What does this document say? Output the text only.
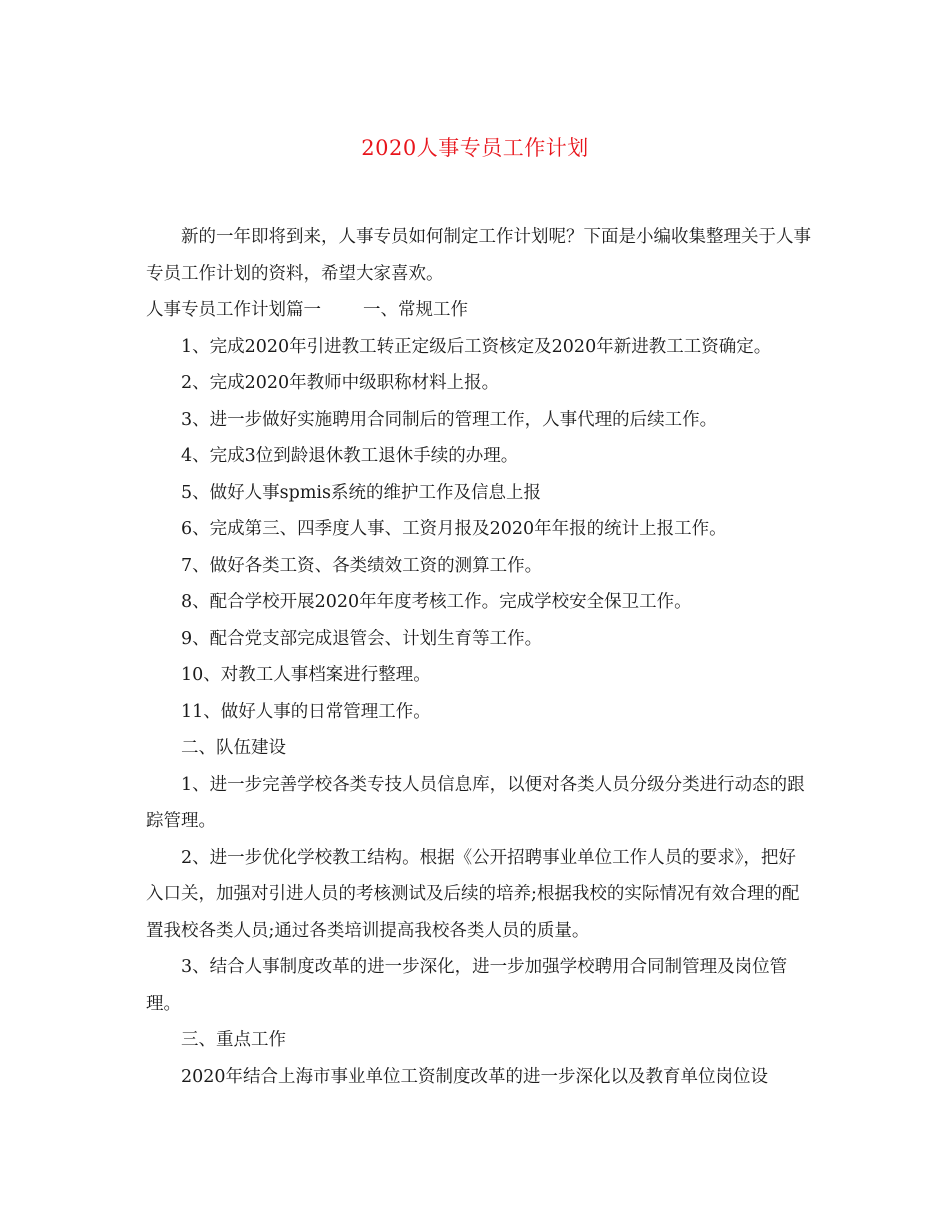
2020人事专员工作计划

新的一年即将到来，人事专员如何制定工作计划呢？下面是小编收集整理关于人事专员工作计划的资料，希望大家喜欢。

人事专员工作计划篇一 一、常规工作

1、完成2020年引进教工转正定级后工资核定及2020年新进教工工资确定。

2、完成2020年教师中级职称材料上报。

3、进一步做好实施聘用合同制后的管理工作，人事代理的后续工作。

4、完成3位到龄退休教工退休手续的办理。

5、做好人事spmis系统的维护工作及信息上报

6、完成第三、四季度人事、工资月报及2020年年报的统计上报工作。

7、做好各类工资、各类绩效工资的测算工作。

8、配合学校开展2020年年度考核工作。完成学校安全保卫工作。

9、配合党支部完成退管会、计划生育等工作。

10、对教工人事档案进行整理。

11、做好人事的日常管理工作。

二、队伍建设

1、进一步完善学校各类专技人员信息库，以便对各类人员分级分类进行动态的跟踪管理。

2、进一步优化学校教工结构。根据《公开招聘事业单位工作人员的要求》，把好入口关，加强对引进人员的考核测试及后续的培养;根据我校的实际情况有效合理的配置我校各类人员;通过各类培训提高我校各类人员的质量。

3、结合人事制度改革的进一步深化，进一步加强学校聘用合同制管理及岗位管理。

三、重点工作

2020年结合上海市事业单位工资制度改革的进一步深化以及教育单位岗位设
